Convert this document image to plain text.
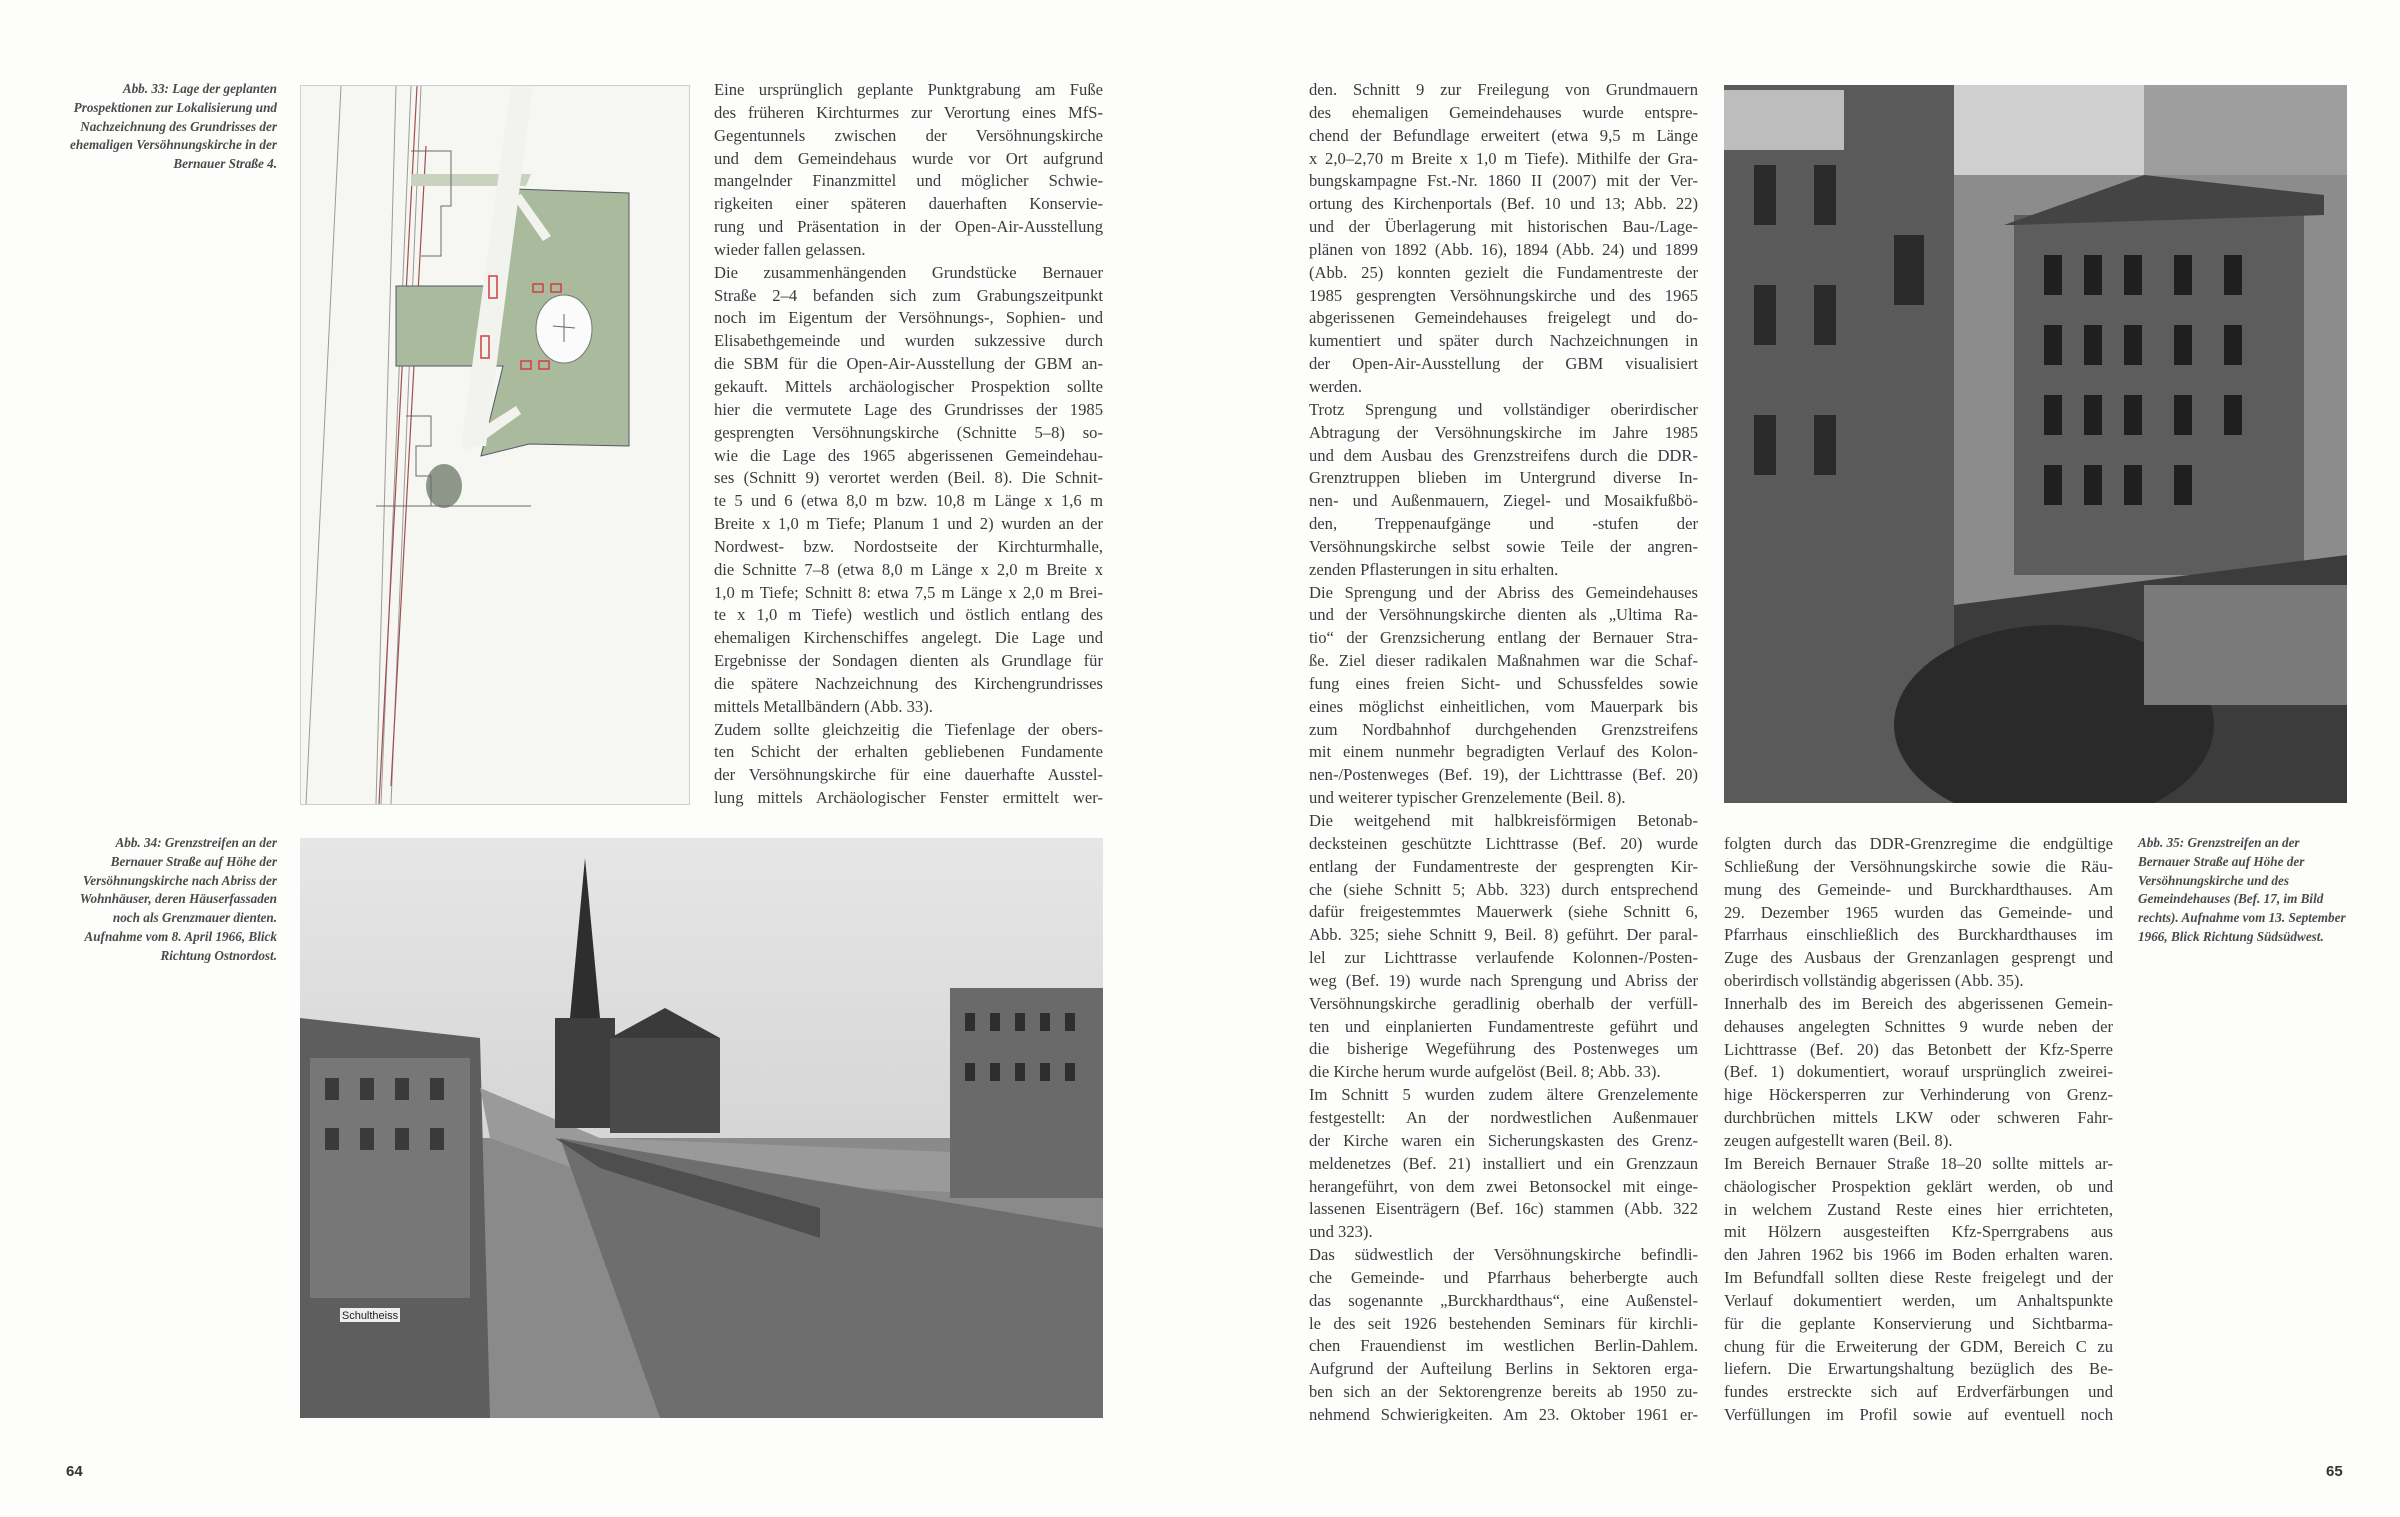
Abb. 33: Lage der geplanten Prospektionen zur Lokalisierung und Nachzeichnung des Grundrisses der ehemaligen Versöhnungskirche in der Bernauer Straße 4.
Eine ursprünglich geplante Punktgrabung am Fuße
des früheren Kirchturmes zur Verortung eines MfS-
Gegentunnels zwischen der Versöhnungskirche
und dem Gemeindehaus wurde vor Ort aufgrund
mangelnder Finanzmittel und möglicher Schwie-
rigkeiten einer späteren dauerhaften Konservie-
rung und Präsentation in der Open-Air-Ausstellung
wieder fallen gelassen.
Die zusammenhängenden Grundstücke Bernauer
Straße 2–4 befanden sich zum Grabungszeitpunkt
noch im Eigentum der Versöhnungs-, Sophien- und
Elisabethgemeinde und wurden sukzessive durch
die SBM für die Open-Air-Ausstellung der GBM an-
gekauft. Mittels archäologischer Prospektion sollte
hier die vermutete Lage des Grundrisses der 1985
gesprengten Versöhnungskirche (Schnitte 5–8) so-
wie die Lage des 1965 abgerissenen Gemeindehau-
ses (Schnitt 9) verortet werden (Beil. 8). Die Schnit-
te 5 und 6 (etwa 8,0 m bzw. 10,8 m Länge x 1,6 m
Breite x 1,0 m Tiefe; Planum 1 und 2) wurden an der
Nordwest- bzw. Nordostseite der Kirchturmhalle,
die Schnitte 7–8 (etwa 8,0 m Länge x 2,0 m Breite x
1,0 m Tiefe; Schnitt 8: etwa 7,5 m Länge x 2,0 m Brei-
te x 1,0 m Tiefe) westlich und östlich entlang des
ehemaligen Kirchenschiffes angelegt. Die Lage und
Ergebnisse der Sondagen dienten als Grundlage für
die spätere Nachzeichnung des Kirchengrundrisses
mittels Metallbändern (Abb. 33).
Zudem sollte gleichzeitig die Tiefenlage der obers-
ten Schicht der erhalten gebliebenen Fundamente
der Versöhnungskirche für eine dauerhafte Ausstel-
lung mittels Archäologischer Fenster ermittelt wer-
Abb. 34: Grenzstreifen an der Bernauer Straße auf Höhe der Versöhnungskirche nach Abriss der Wohnhäuser, deren Häuserfassaden noch als Grenzmauer dienten. Aufnahme vom 8. April 1966, Blick Richtung Ostnordost.
Schultheiss
64
den. Schnitt 9 zur Freilegung von Grundmauern
des ehemaligen Gemeindehauses wurde entspre-
chend der Befundlage erweitert (etwa 9,5 m Länge
x 2,0–2,70 m Breite x 1,0 m Tiefe). Mithilfe der Gra-
bungskampagne Fst.-Nr. 1860 II (2007) mit der Ver-
ortung des Kirchenportals (Bef. 10 und 13; Abb. 22)
und der Überlagerung mit historischen Bau-/Lage-
plänen von 1892 (Abb. 16), 1894 (Abb. 24) und 1899
(Abb. 25) konnten gezielt die Fundamentreste der
1985 gesprengten Versöhnungskirche und des 1965
abgerissenen Gemeindehauses freigelegt und do-
kumentiert und später durch Nachzeichnungen in
der Open-Air-Ausstellung der GBM visualisiert
werden.
Trotz Sprengung und vollständiger oberirdischer
Abtragung der Versöhnungskirche im Jahre 1985
und dem Ausbau des Grenzstreifens durch die DDR-
Grenztruppen blieben im Untergrund diverse In-
nen- und Außenmauern, Ziegel- und Mosaikfußbö-
den, Treppenaufgänge und -stufen der
Versöhnungskirche selbst sowie Teile der angren-
zenden Pflasterungen in situ erhalten.
Die Sprengung und der Abriss des Gemeindehauses
und der Versöhnungskirche dienten als „Ultima Ra-
tio“ der Grenzsicherung entlang der Bernauer Stra-
ße. Ziel dieser radikalen Maßnahmen war die Schaf-
fung eines freien Sicht- und Schussfeldes sowie
eines möglichst einheitlichen, vom Mauerpark bis
zum Nordbahnhof durchgehenden Grenzstreifens
mit einem nunmehr begradigten Verlauf des Kolon-
nen-/Postenweges (Bef. 19), der Lichttrasse (Bef. 20)
und weiterer typischer Grenzelemente (Beil. 8).
Die weitgehend mit halbkreisförmigen Betonab-
decksteinen geschützte Lichttrasse (Bef. 20) wurde
entlang der Fundamentreste der gesprengten Kir-
che (siehe Schnitt 5; Abb. 323) durch entsprechend
dafür freigestemmtes Mauerwerk (siehe Schnitt 6,
Abb. 325; siehe Schnitt 9, Beil. 8) geführt. Der paral-
lel zur Lichttrasse verlaufende Kolonnen-/Posten-
weg (Bef. 19) wurde nach Sprengung und Abriss der
Versöhnungskirche geradlinig oberhalb der verfüll-
ten und einplanierten Fundamentreste geführt und
die bisherige Wegeführung des Postenweges um
die Kirche herum wurde aufgelöst (Beil. 8; Abb. 33).
Im Schnitt 5 wurden zudem ältere Grenzelemente
festgestellt: An der nordwestlichen Außenmauer
der Kirche waren ein Sicherungskasten des Grenz-
meldenetzes (Bef. 21) installiert und ein Grenzzaun
herangeführt, von dem zwei Betonsockel mit einge-
lassenen Eisenträgern (Bef. 16c) stammen (Abb. 322
und 323).
Das südwestlich der Versöhnungskirche befindli-
che Gemeinde- und Pfarrhaus beherbergte auch
das sogenannte „Burckhardthaus“, eine Außenstel-
le des seit 1926 bestehenden Seminars für kirchli-
chen Frauendienst im westlichen Berlin-Dahlem.
Aufgrund der Aufteilung Berlins in Sektoren erga-
ben sich an der Sektorengrenze bereits ab 1950 zu-
nehmend Schwierigkeiten. Am 23. Oktober 1961 er-
folgten durch das DDR-Grenzregime die endgültige
Schließung der Versöhnungskirche sowie die Räu-
mung des Gemeinde- und Burckhardthauses. Am
29. Dezember 1965 wurden das Gemeinde- und
Pfarrhaus einschließlich des Burckhardthauses im
Zuge des Ausbaus der Grenzanlagen gesprengt und
oberirdisch vollständig abgerissen (Abb. 35).
Innerhalb des im Bereich des abgerissenen Gemein-
dehauses angelegten Schnittes 9 wurde neben der
Lichttrasse (Bef. 20) das Betonbett der Kfz-Sperre
(Bef. 1) dokumentiert, worauf ursprünglich zweirei-
hige Höckersperren zur Verhinderung von Grenz-
durchbrüchen mittels LKW oder schweren Fahr-
zeugen aufgestellt waren (Beil. 8).
Im Bereich Bernauer Straße 18–20 sollte mittels ar-
chäologischer Prospektion geklärt werden, ob und
in welchem Zustand Reste eines hier errichteten,
mit Hölzern ausgesteiften Kfz-Sperrgrabens aus
den Jahren 1962 bis 1966 im Boden erhalten waren.
Im Befundfall sollten diese Reste freigelegt und der
Verlauf dokumentiert werden, um Anhaltspunkte
für die geplante Konservierung und Sichtbarma-
chung für die Erweiterung der GDM, Bereich C zu
liefern. Die Erwartungshaltung bezüglich des Be-
fundes erstreckte sich auf Erdverfärbungen und
Verfüllungen im Profil sowie auf eventuell noch
Abb. 35: Grenzstreifen an der Bernauer Straße auf Höhe der Versöhnungskirche und des Gemeindehauses (Bef. 17, im Bild rechts). Aufnahme vom 13. September 1966, Blick Richtung Südsüdwest.
65
